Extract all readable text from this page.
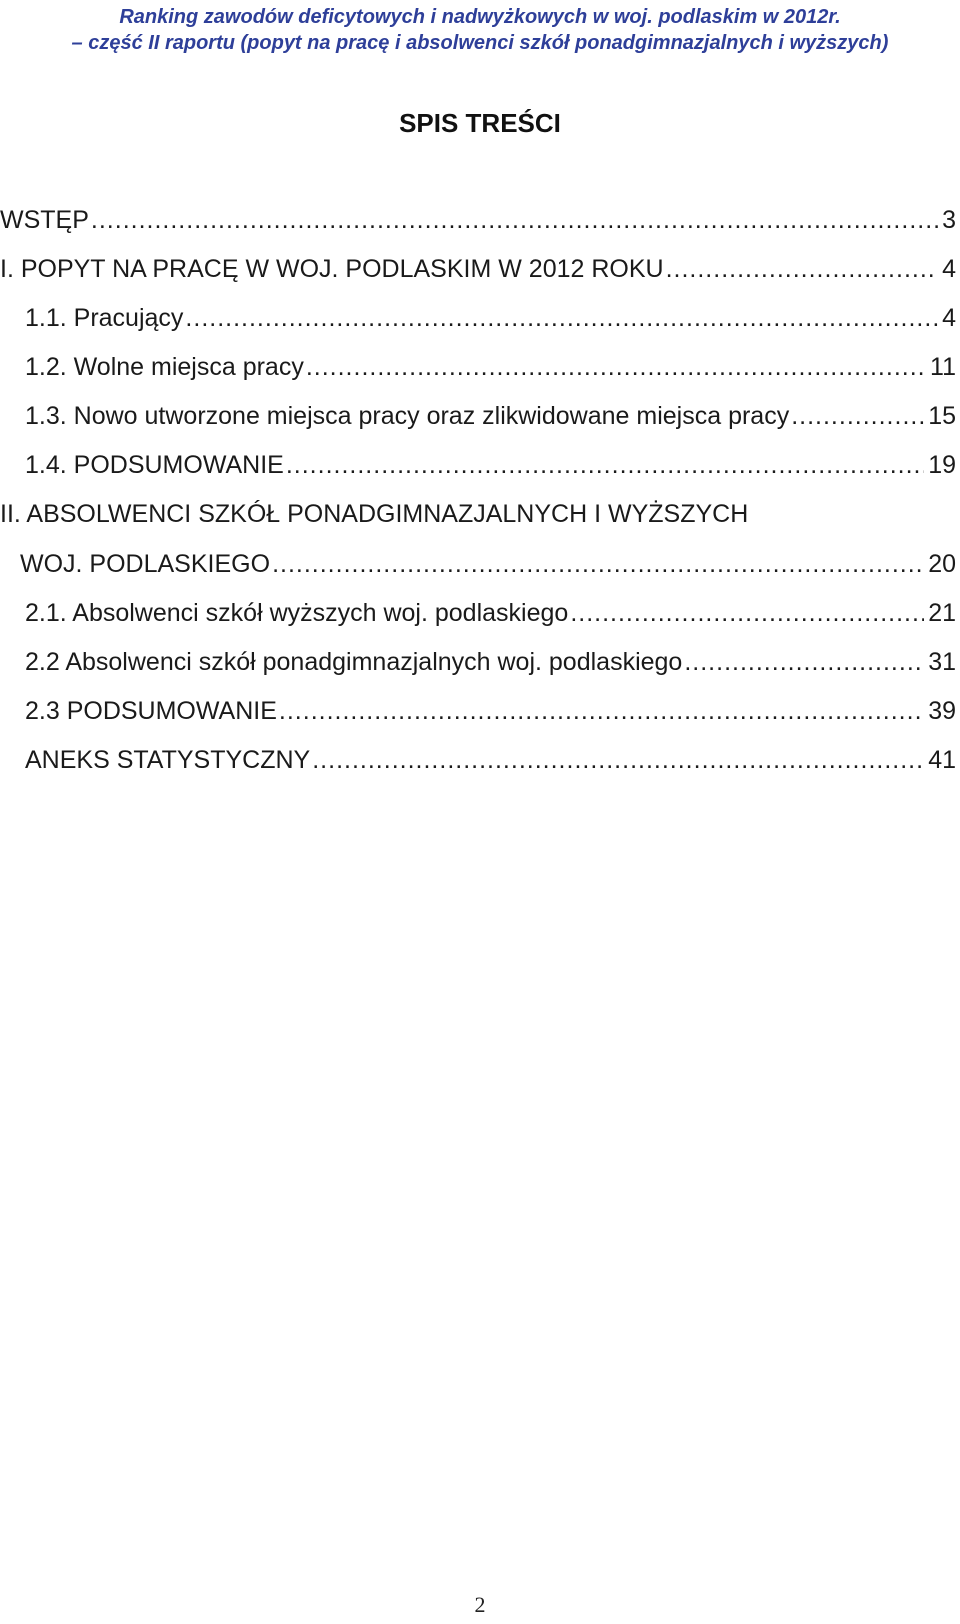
Ranking zawodów deficytowych i nadwyżkowych w woj. podlaskim w 2012r.
– część II raportu (popyt na pracę i absolwenci szkół ponadgimnazjalnych i wyższych)
SPIS TREŚCI
WSTĘP .....	3
I. POPYT NA PRACĘ W WOJ. PODLASKIM W 2012 ROKU .....	4
1.1. Pracujący .....	4
1.2. Wolne miejsca pracy .....	11
1.3. Nowo utworzone miejsca pracy oraz zlikwidowane miejsca pracy .....	15
1.4. PODSUMOWANIE .....	19
II. ABSOLWENCI SZKÓŁ PONADGIMNAZJALNYCH I WYŻSZYCH
WOJ. PODLASKIEGO .....	20
2.1. Absolwenci szkół wyższych woj. podlaskiego .....	21
2.2 Absolwenci szkół ponadgimnazjalnych woj. podlaskiego .....	31
2.3 PODSUMOWANIE .....	39
ANEKS STATYSTYCZNY .....	41
2
